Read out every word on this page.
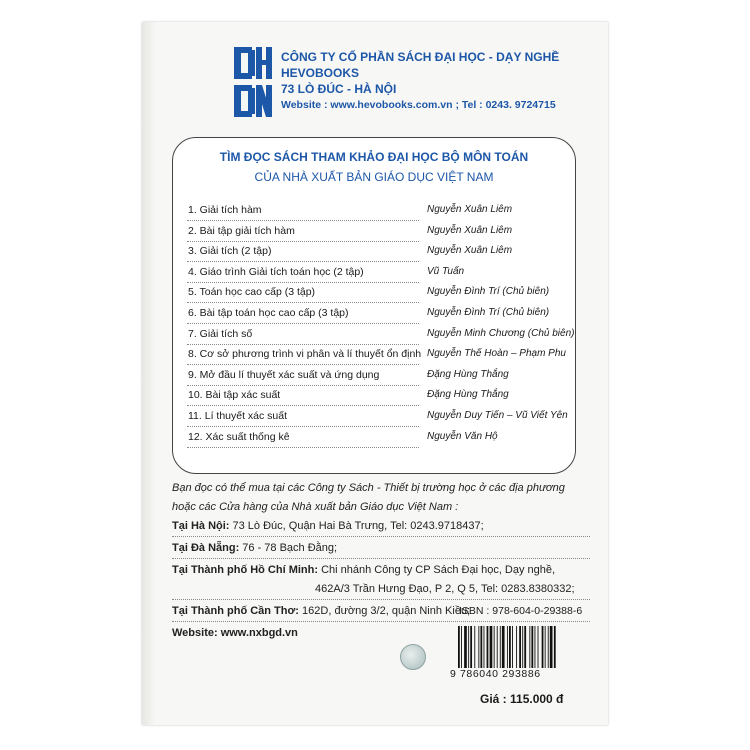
CÔNG TY CỔ PHẦN SÁCH ĐẠI HỌC - DẠY NGHỀ
HEVOBOOKS
73 LÒ ĐÚC - HÀ NỘI
Website : www.hevobooks.com.vn ; Tel : 0243. 9724715
TÌM ĐỌC SÁCH THAM KHẢO ĐẠI HỌC BỘ MÔN TOÁN
CỦA NHÀ XUẤT BẢN GIÁO DỤC VIỆT NAM
1. Giải tích hàm	Nguyễn Xuân Liêm
2. Bài tập giải tích hàm	Nguyễn Xuân Liêm
3. Giải tích (2 tập)	Nguyễn Xuân Liêm
4. Giáo trình Giải tích toán học (2 tập)	Vũ Tuấn
5. Toán học cao cấp (3 tập)	Nguyễn Đình Trí (Chủ biên)
6. Bài tập toán học cao cấp (3 tập)	Nguyễn Đình Trí (Chủ biên)
7. Giải tích số	Nguyễn Minh Chương (Chủ biên)
8. Cơ sở phương trình vi phân và lí thuyết ổn định Nguyễn Thế Hoàn – Phạm Phu
9. Mở đầu lí thuyết xác suất và ứng dụng	Đặng Hùng Thắng
10. Bài tập xác suất	Đặng Hùng Thắng
11. Lí thuyết xác suất	Nguyễn Duy Tiến – Vũ Viết Yên
12. Xác suất thống kê	Nguyễn Văn Hộ
Bạn đọc có thể mua tại các Công ty Sách - Thiết bị trường học ở các địa phương
hoặc các Cửa hàng của Nhà xuất bản Giáo dục Việt Nam :
Tại Hà Nội: 73 Lò Đúc, Quận Hai Bà Trưng, Tel: 0243.9718437;
Tại Đà Nẵng: 76 - 78 Bạch Đằng;
Tại Thành phố Hồ Chí Minh: Chi nhánh Công ty CP Sách Đại học, Dạy nghề,
462A/3 Trần Hưng Đạo, P 2, Q 5, Tel: 0283.8380332;
Tại Thành phố Cần Thơ: 162D, đường 3/2, quận Ninh Kiều;
Website: www.nxbgd.vn
ISBN : 978-604-0-29388-6
9 786040 293886
Giá : 115.000 đ
